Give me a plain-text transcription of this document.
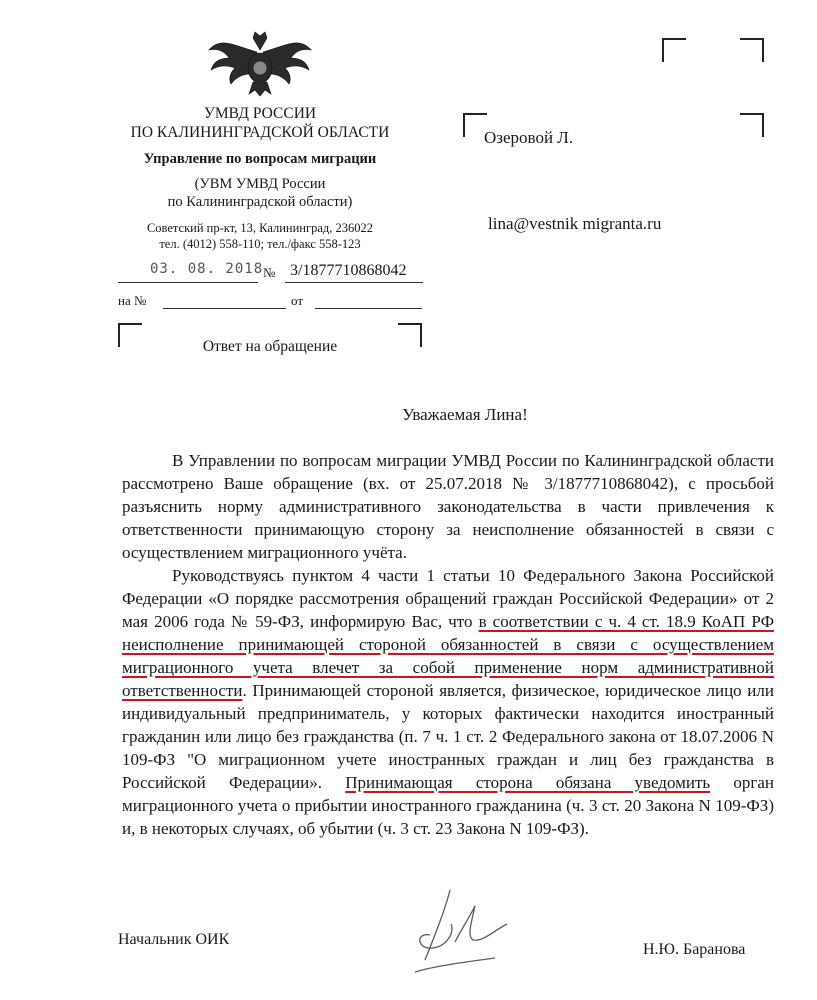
УМВД РОССИИ
ПО КАЛИНИНГРАДСКОЙ ОБЛАСТИ
Управление по вопросам миграции
(УВМ УМВД России
по Калининградской области)
Советский пр-кт, 13, Калининград, 236022
тел. (4012) 558-110; тел./факс 558-123
03. 08. 2018 № 3/1877710868042
на №	от
Ответ на обращение
Озеровой Л.
lina@vestnik migranta.ru
Уважаемая Лина!

В Управлении по вопросам миграции УМВД России по Калининградской области рассмотрено Ваше обращение (вх. от 25.07.2018 № 3/1877710868042), с просьбой разъяснить норму административного законодательства в части привлечения к ответственности принимающую сторону за неисполнение обязанностей в связи с осуществлением миграционного учёта.

Руководствуясь пунктом 4 части 1 статьи 10 Федерального Закона Российской Федерации «О порядке рассмотрения обращений граждан Российской Федерации» от 2 мая 2006 года № 59-ФЗ, информирую Вас, что в соответствии с ч. 4 ст. 18.9 КоАП РФ неисполнение принимающей стороной обязанностей в связи с осуществлением миграционного учета влечет за собой применение норм административной ответственности. Принимающей стороной является, физическое, юридическое лицо или индивидуальный предприниматель, у которых фактически находится иностранный гражданин или лицо без гражданства (п. 7 ч. 1 ст. 2 Федерального закона от 18.07.2006 N 109-ФЗ "О миграционном учете иностранных граждан и лиц без гражданства в Российской Федерации». Принимающая сторона обязана уведомить орган миграционного учета о прибытии иностранного гражданина (ч. 3 ст. 20 Закона N 109-ФЗ) и, в некоторых случаях, об убытии (ч. 3 ст. 23 Закона N 109-ФЗ).

Начальник ОИК
Н.Ю. Баранова
